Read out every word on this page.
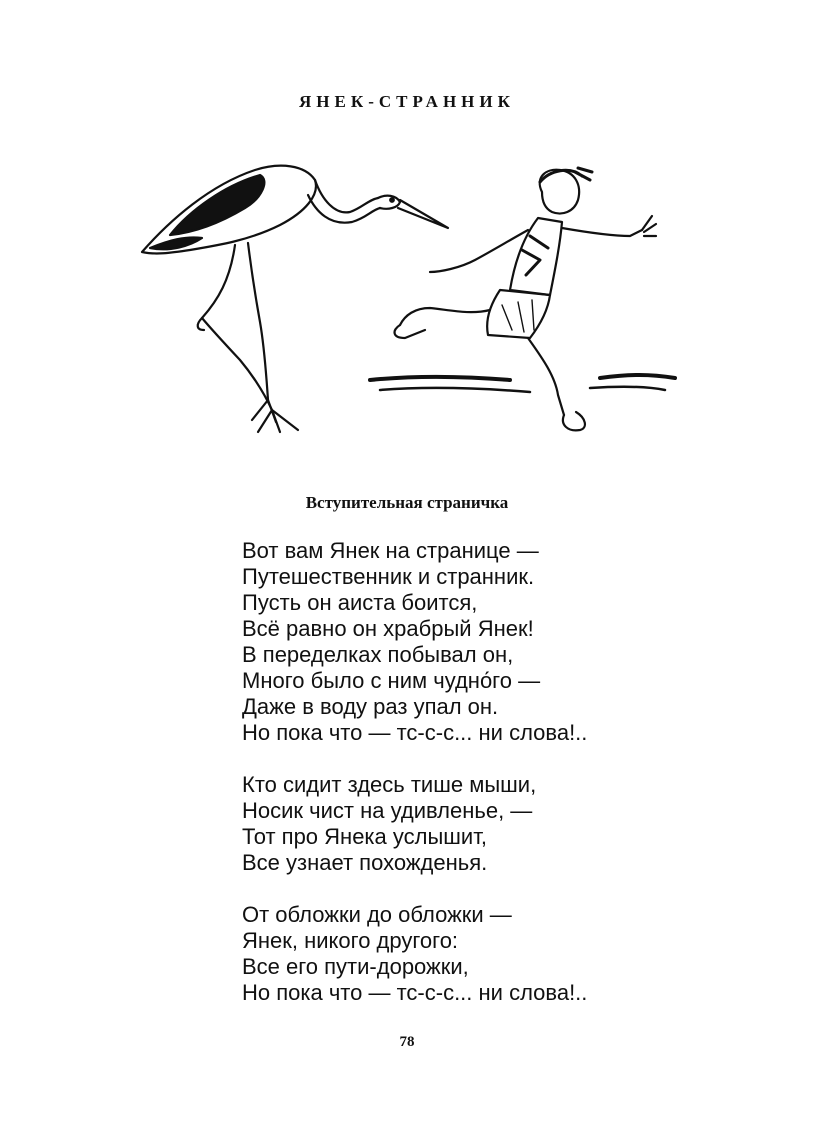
ЯНЕК-СТРАННИК
Вступительная страничка
Вот вам Янек на странице —
Путешественник и странник.
Пусть он аиста боится,
Всё равно он храбрый Янек!
В переделках побывал он,
Много было с ним чудно́го —
Даже в воду раз упал он.
Но пока что — тс-с-с... ни слова!..
Кто сидит здесь тише мыши,
Носик чист на удивленье, —
Тот про Янека услышит,
Все узнает похожденья.
От обложки до обложки —
Янек, никого другого:
Все его пути-дорожки,
Но пока что — тс-с-с... ни слова!..
78
